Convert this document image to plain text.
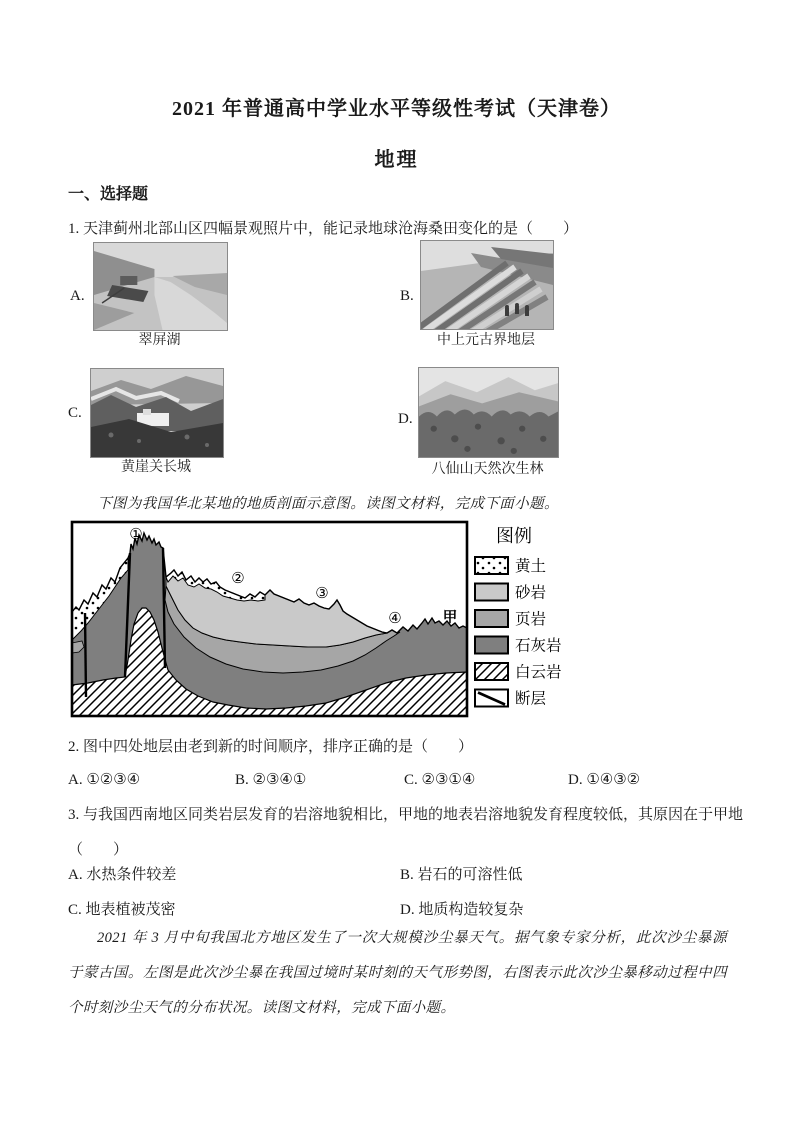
2021 年普通高中学业水平等级性考试（天津卷）
地理
一、选择题
1. 天津蓟州北部山区四幅景观照片中，能记录地球沧海桑田变化的是（　　）
A.
翠屏湖
B.
中上元古界地层
C.
黄崖关长城
D.
八仙山天然次生林
下图为我国华北某地的地质剖面示意图。读图文材料，完成下面小题。
①
②
③
④	甲
图例
黄土
砂岩
页岩
石灰岩
白云岩
断层
2. 图中四处地层由老到新的时间顺序，排序正确的是（　　）
A. ①②③④	B. ②③④①	C. ②③①④	D. ①④③②
3. 与我国西南地区同类岩层发育的岩溶地貌相比，甲地的地表岩溶地貌发育程度较低，其原因在于甲地
（　　）
A. 水热条件较差	B. 岩石的可溶性低
C. 地表植被茂密	D. 地质构造较复杂
2021 年 3 月中旬我国北方地区发生了一次大规模沙尘暴天气。据气象专家分析，此次沙尘暴源于蒙古国。左图是此次沙尘暴在我国过境时某时刻的天气形势图，右图表示此次沙尘暴移动过程中四个时刻沙尘天气的分布状况。读图文材料，完成下面小题。
